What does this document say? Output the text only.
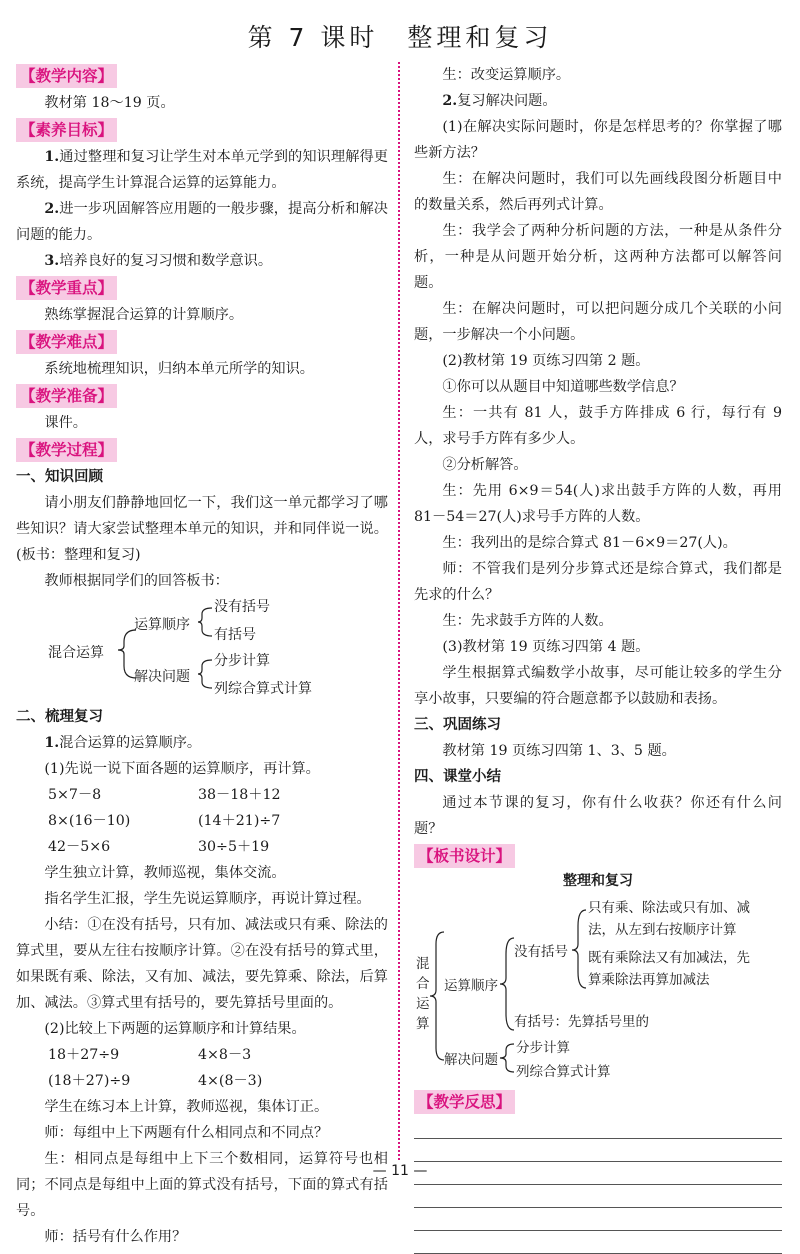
第 7 课时　整理和复习
【教学内容】

教材第 18～19 页。

【素养目标】

1.通过整理和复习让学生对本单元学到的知识理解得更系统，提高学生计算混合运算的运算能力。

2.进一步巩固解答应用题的一般步骤，提高分析和解决问题的能力。

3.培养良好的复习习惯和数学意识。

【教学重点】

熟练掌握混合运算的计算顺序。

【教学难点】

系统地梳理知识，归纳本单元所学的知识。

【教学准备】

课件。

【教学过程】

一、知识回顾

请小朋友们静静地回忆一下，我们这一单元都学习了哪些知识？请大家尝试整理本单元的知识，并和同伴说一说。(板书：整理和复习)

教师根据同学们的回答板书：

混合运算
运算顺序
没有括号
有括号
解决问题
分步计算
列综合算式计算

二、梳理复习

1.混合运算的运算顺序。

(1)先说一说下面各题的运算顺序，再计算。

5×7－8	38－18＋12
8×(16－10)	(14＋21)÷7
42－5×6	30÷5＋19

学生独立计算，教师巡视，集体交流。

指名学生汇报，学生先说运算顺序，再说计算过程。

小结：①在没有括号，只有加、减法或只有乘、除法的算式里，要从左往右按顺序计算。②在没有括号的算式里，如果既有乘、除法，又有加、减法，要先算乘、除法，后算加、减法。③算式里有括号的，要先算括号里面的。

(2)比较上下两题的运算顺序和计算结果。

18＋27÷9	4×8－3
(18＋27)÷9	4×(8－3)

学生在练习本上计算，教师巡视，集体订正。

师：每组中上下两题有什么相同点和不同点？

生：相同点是每组中上下三个数相同，运算符号也相同；不同点是每组中上面的算式没有括号，下面的算式有括号。

师：括号有什么作用？

生：改变运算顺序。

2.复习解决问题。

(1)在解决实际问题时，你是怎样思考的？你掌握了哪些新方法？

生：在解决问题时，我们可以先画线段图分析题目中的数量关系，然后再列式计算。

生：我学会了两种分析问题的方法，一种是从条件分析，一种是从问题开始分析，这两种方法都可以解答问题。

生：在解决问题时，可以把问题分成几个关联的小问题，一步解决一个小问题。

(2)教材第 19 页练习四第 2 题。

①你可以从题目中知道哪些数学信息？

生：一共有 81 人，鼓手方阵排成 6 行，每行有 9 人，求号手方阵有多少人。

②分析解答。

生：先用 6×9＝54(人)求出鼓手方阵的人数，再用 81－54＝27(人)求号手方阵的人数。

生：我列出的是综合算式 81－6×9＝27(人)。

师：不管我们是列分步算式还是综合算式，我们都是先求的什么？

生：先求鼓手方阵的人数。

(3)教材第 19 页练习四第 4 题。

学生根据算式编数学小故事，尽可能让较多的学生分享小故事，只要编的符合题意都予以鼓励和表扬。

三、巩固练习

教材第 19 页练习四第 1、3、5 题。

四、课堂小结

通过本节课的复习，你有什么收获？你还有什么问题？

【板书设计】
整理和复习
混
合
运
算
运算顺序
没有括号
只有乘、除法或只有加、减
法，从左到右按顺序计算
既有乘除法又有加减法，先
算乘除法再算加减法
有括号：先算括号里的
解决问题
分步计算
列综合算式计算
【教学反思】
— 11 —
